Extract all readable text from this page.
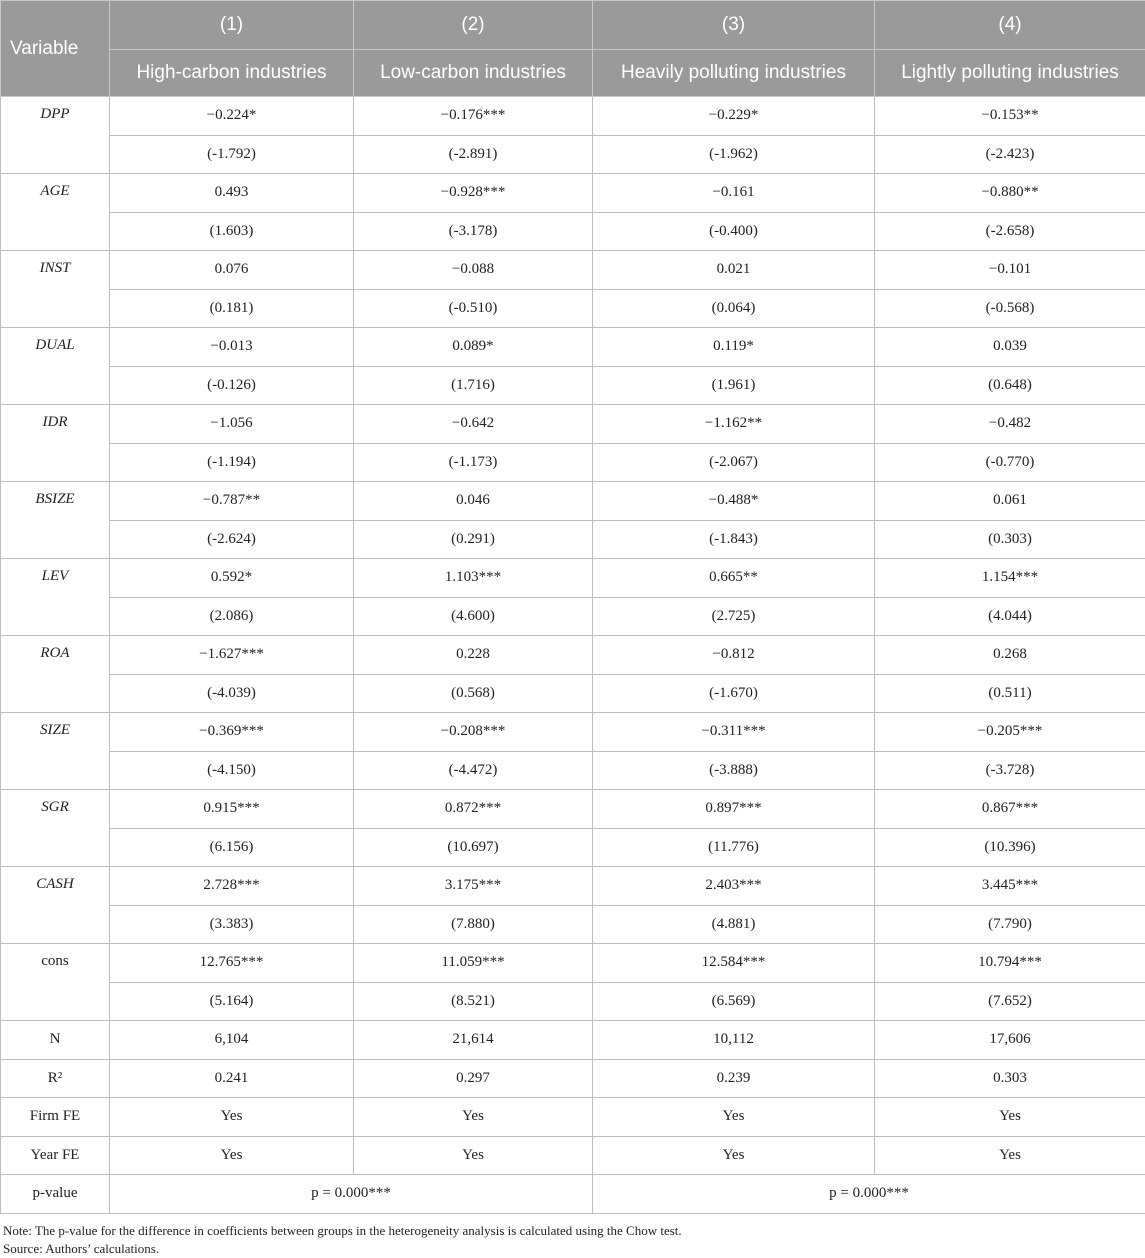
Variable	(1)	(2)	(3)	(4)
	High-carbon industries	Low-carbon industries	Heavily polluting industries	Lightly polluting industries
DPP	−0.224*	−0.176***	−0.229*	−0.153**
	(-1.792)	(-2.891)	(-1.962)	(-2.423)
AGE	0.493	−0.928***	−0.161	−0.880**
	(1.603)	(-3.178)	(-0.400)	(-2.658)
INST	0.076	−0.088	0.021	−0.101
	(0.181)	(-0.510)	(0.064)	(-0.568)
DUAL	−0.013	0.089*	0.119*	0.039
	(-0.126)	(1.716)	(1.961)	(0.648)
IDR	−1.056	−0.642	−1.162**	−0.482
	(-1.194)	(-1.173)	(-2.067)	(-0.770)
BSIZE	−0.787**	0.046	−0.488*	0.061
	(-2.624)	(0.291)	(-1.843)	(0.303)
LEV	0.592*	1.103***	0.665**	1.154***
	(2.086)	(4.600)	(2.725)	(4.044)
ROA	−1.627***	0.228	−0.812	0.268
	(-4.039)	(0.568)	(-1.670)	(0.511)
SIZE	−0.369***	−0.208***	−0.311***	−0.205***
	(-4.150)	(-4.472)	(-3.888)	(-3.728)
SGR	0.915***	0.872***	0.897***	0.867***
	(6.156)	(10.697)	(11.776)	(10.396)
CASH	2.728***	3.175***	2.403***	3.445***
	(3.383)	(7.880)	(4.881)	(7.790)
cons	12.765***	11.059***	12.584***	10.794***
	(5.164)	(8.521)	(6.569)	(7.652)
N	6,104	21,614	10,112	17,606
R²	0.241	0.297	0.239	0.303
Firm FE	Yes	Yes	Yes	Yes
Year FE	Yes	Yes	Yes	Yes
p-value	p = 0.000***		p = 0.000***	
Note: The p-value for the difference in coefficients between groups in the heterogeneity analysis is calculated using the Chow test.
Source: Authors’ calculations.
